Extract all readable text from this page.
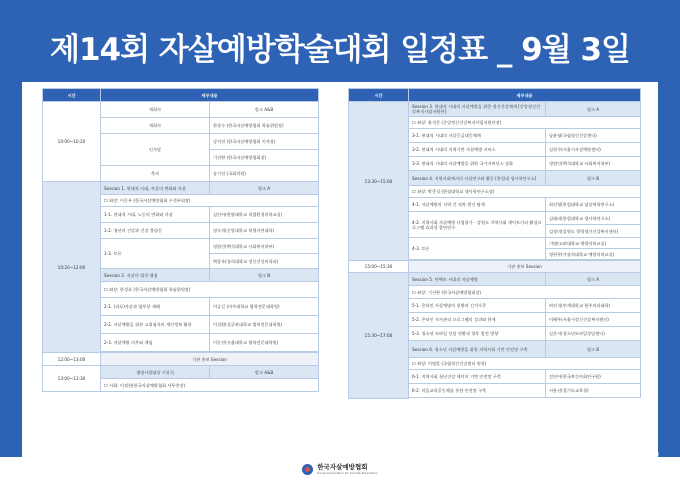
제14회 자살예방학술대회 일정표 _ 9월 3일
시간	세부내용	
10:00~10:20	개회사	링크 A&B
	개회사	한창수 (한국자살예방협회 학술위원장)
	인사말	강지헌 (한국자살예방협회 이사장)
		기선완 (한국자살예방협회장)
	축사	송기헌 (국회의원)
10:20~12:00	Session 1. 현대적 시대, 자살의 변화와 자살	링크 A
	☐ 좌장: 이동우 (한국자살예방협회 수석부회장)	
	1-1. 현대적 시대, 노동의 변화와 자살	김인아(한양대학교 직업환경의학교실)
	1-2. 청년의 건강과 건강 불평등	정숙희(중앙대학교 학생자연대학)
	1-3. 토론	정평인(백석대학교 사회복지학부)
		백종우(경희대학교 정신건강의학과)
	Session 2. 자살의 법적 쟁점	링크 B
	☐ 좌장: 한성호 (한국자살예방협회 학술위원장)	
	2-1. (과로)자살과 업무상 재해	이승길 (아주대학교 법학전문대학원)
	2-2. 자살예방을 위한 고위험자의 개인정보 활용	이경환(성균관대학교 법학전문대학원)
	2-3. 자살예방 의무와 책임	이동진(서울대학교 법학전문대학원)

12:00~13:00	기관 홍보 Session	
13:00~13:30	생명사랑대상 시상식	링크 A&B
	☐ 사회: 이정현(한국자살예방협회 사무총장)	
시간	세부내용	
13:30~15:00	Session 3. 현대적 시대의 자살예방을 위한 정신건강체계 [중앙정신건강복지사업지원단]	링크 A
	☐ 좌장: 윤석준 (중앙정신건강복지사업지원단장)	
	3-1. 현대적 시대의 자살응급대응체계	남윤영(국립정신건강센터)
	3-2. 현대적 시대의 지역기반 자살예방 서비스	김현수(서울시자살예방센터)
	3-3. 현대적 시대의 자살예방을 위한 국가거버넌스 강화	정원인(백석대학교 사회복지학부)
	Session 4. 지역사회에서의 자살연구와 활동 [한림대 생사학연구소]	링크 B
	☐ 좌장: 박준식 (한림대학교 생사학연구소장)	
	4-1. 자살예방의 지역 간 격차 원인 탐색	최진영(한림대학교 임상역학연구소)
	4-2. 지역사회 자살예방 사업평가 - 강원도 지역사회 계이트키퍼 활성프로그램 효과성 종단연구	김태리(한림대학교 생사학연구소)
		김정미(강원도 광역정신건강복지센터)
	4-3. 토론	기명(고려대학교 예방의학교실)
		정현무(가톨릭대학교 예방의학교실)

15:00~15:30	기관 홍보 Session	
15:30~17:00	Session 5. 언택트 시대의 자살예방	링크 A
	☐ 좌장: 기선완 (한국자살예방협회장)	
	5-1. 온라인 자살예방의 현황과 긴거수준	허진석(연세대학교 원주의과대학)
	5-2. 온라인 자가관리 프로그램의 성과와 한계	이해우(서울시정신건강복지센터)
	5-3. 청소년 모바일 상담 현황과 향후 발전 방향	김은지(청소년모바일상담센터)
	Session 6. 청소년 자살예방을 위한 지역사회 기반 안전망 구축	링크 B
	☐ 좌장: 이명훈 (국립정신건강센터 원장)	
	6-1. 지역사회 청년건강 데이터 기반 안전망 구축	전진아(한국보건사회연구원)
	6-2. 마을교육공동체를 통한 안전망 구축	서용선(경기도교육청)

한국자살예방협회
Korea Association for Suicide Prevention	KeyDoctor
